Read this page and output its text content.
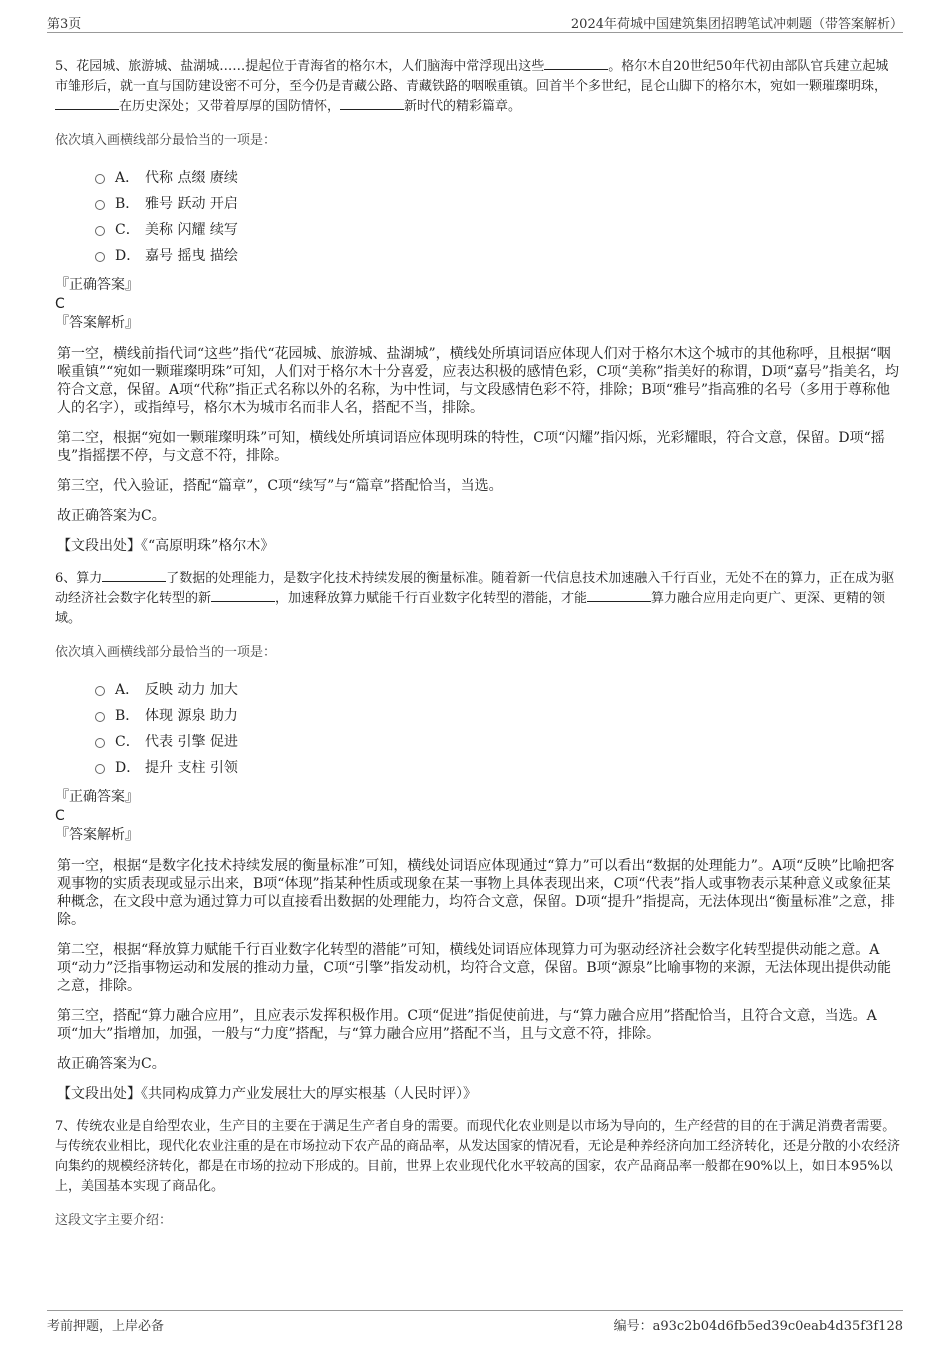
第3页	2024年荷城中国建筑集团招聘笔试冲刺题（带答案解析）

5、花园城、旅游城、盐湖城……提起位于青海省的格尔木，人们脑海中常浮现出这些	。格尔木自20世纪50年代初由部队官兵建立起城市雏形后，就一直与国防建设密不可分，至今仍是青藏公路、青藏铁路的咽喉重镇。回首半个多世纪，昆仑山脚下的格尔木，宛如一颗璀璨明珠，在历史深处；又带着厚厚的国防情怀，	新时代的精彩篇章。

依次填入画横线部分最恰当的一项是：

A． 代称 点缀 赓续
B． 雅号 跃动 开启
C． 美称 闪耀 续写
D． 嘉号 摇曳 描绘

『正确答案』

C

『答案解析』

第一空，横线前指代词“这些”指代“花园城、旅游城、盐湖城”，横线处所填词语应体现人们对于格尔木这个城市的其他称呼，且根据“咽喉重镇”“宛如一颗璀璨明珠”可知，人们对于格尔木十分喜爱，应表达积极的感情色彩，C项“美称”指美好的称谓，D项“嘉号”指美名，均符合文意，保留。A项“代称”指正式名称以外的名称，为中性词，与文段感情色彩不符，排除；B项“雅号”指高雅的名号（多用于尊称他人的名字），或指绰号，格尔木为城市名而非人名，搭配不当，排除。

第二空，根据“宛如一颗璀璨明珠”可知，横线处所填词语应体现明珠的特性，C项“闪耀”指闪烁，光彩耀眼，符合文意，保留。D项“摇曳”指摇摆不停，与文意不符，排除。

第三空，代入验证，搭配“篇章”，C项“续写”与“篇章”搭配恰当，当选。

故正确答案为C。

【文段出处】《“高原明珠”格尔木》

6、算力	了数据的处理能力，是数字化技术持续发展的衡量标准。随着新一代信息技术加速融入千行百业，无处不在的算力，正在成为驱动经济社会数字化转型的新	，加速释放算力赋能千行百业数字化转型的潜能，才能	算力融合应用走向更广、更深、更精的领域。

依次填入画横线部分最恰当的一项是：

A． 反映 动力 加大
B． 体现 源泉 助力
C． 代表 引擎 促进
D． 提升 支柱 引领

『正确答案』

C

『答案解析』

第一空，根据“是数字化技术持续发展的衡量标准”可知，横线处词语应体现通过“算力”可以看出“数据的处理能力”。A项“反映”比喻把客观事物的实质表现或显示出来，B项“体现”指某种性质或现象在某一事物上具体表现出来，C项“代表”指人或事物表示某种意义或象征某种概念，在文段中意为通过算力可以直接看出数据的处理能力，均符合文意，保留。D项“提升”指提高，无法体现出“衡量标准”之意，排除。

第二空，根据“释放算力赋能千行百业数字化转型的潜能”可知，横线处词语应体现算力可为驱动经济社会数字化转型提供动能之意。A项“动力”泛指事物运动和发展的推动力量，C项“引擎”指发动机，均符合文意，保留。B项“源泉”比喻事物的来源，无法体现出提供动能之意，排除。

第三空，搭配“算力融合应用”，且应表示发挥积极作用。C项“促进”指促使前进，与“算力融合应用”搭配恰当，且符合文意，当选。A项“加大”指增加，加强，一般与“力度”搭配，与“算力融合应用”搭配不当，且与文意不符，排除。

故正确答案为C。

【文段出处】《共同构成算力产业发展壮大的厚实根基（人民时评）》

7、传统农业是自给型农业，生产目的主要在于满足生产者自身的需要。而现代化农业则是以市场为导向的，生产经营的目的在于满足消费者需要。与传统农业相比，现代化农业注重的是在市场拉动下农产品的商品率，从发达国家的情况看，无论是种养经济向加工经济转化，还是分散的小农经济向集约的规模经济转化，都是在市场的拉动下形成的。目前，世界上农业现代化水平较高的国家，农产品商品率一般都在90%以上，如日本95%以上，美国基本实现了商品化。

这段文字主要介绍：

考前押题，上岸必备	编号：a93c2b04d6fb5ed39c0eab4d35f3f128
